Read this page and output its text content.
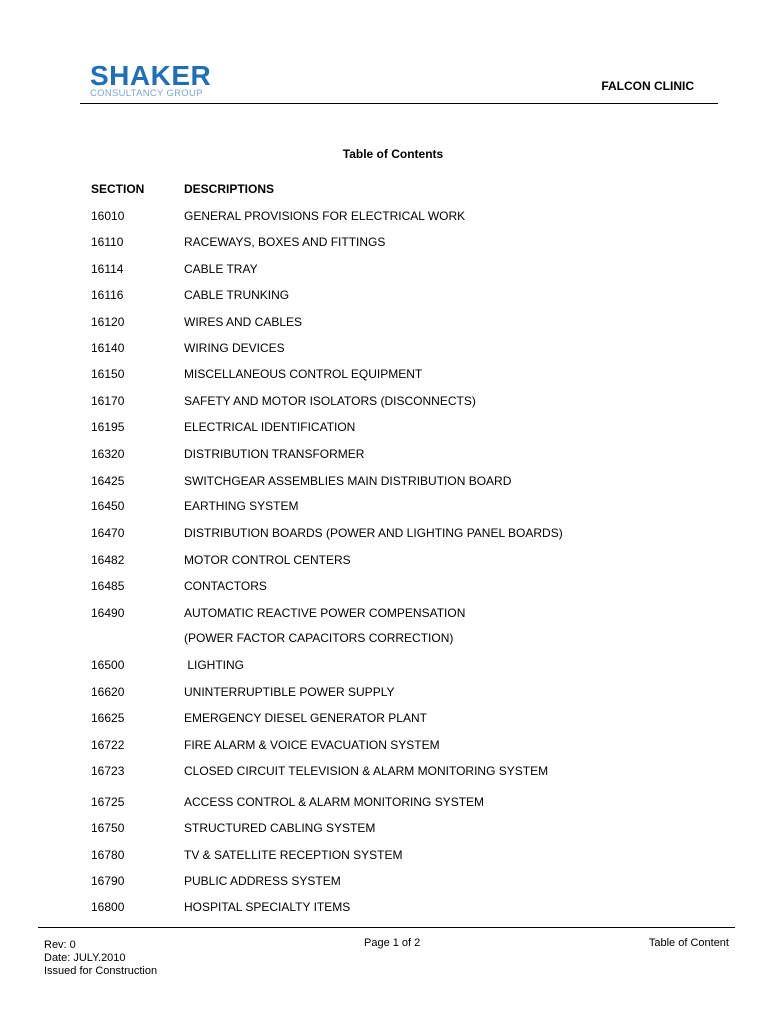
SHAKER
CONSULTANCY GROUP
FALCON CLINIC
Table of Contents
SECTION	DESCRIPTIONS
16010	GENERAL PROVISIONS FOR ELECTRICAL WORK
16110	RACEWAYS, BOXES AND FITTINGS
16114	CABLE TRAY
16116	CABLE TRUNKING
16120	WIRES AND CABLES
16140	WIRING DEVICES
16150	MISCELLANEOUS CONTROL EQUIPMENT
16170	SAFETY AND MOTOR ISOLATORS (DISCONNECTS)
16195	ELECTRICAL IDENTIFICATION
16320	DISTRIBUTION TRANSFORMER
16425	SWITCHGEAR ASSEMBLIES MAIN DISTRIBUTION BOARD
16450	EARTHING SYSTEM
16470	DISTRIBUTION BOARDS (POWER AND LIGHTING PANEL BOARDS)
16482	MOTOR CONTROL CENTERS
16485	CONTACTORS
16490	AUTOMATIC REACTIVE POWER COMPENSATION
(POWER FACTOR CAPACITORS CORRECTION)
16500	LIGHTING
16620	UNINTERRUPTIBLE POWER SUPPLY
16625	EMERGENCY DIESEL GENERATOR PLANT
16722	FIRE ALARM & VOICE EVACUATION SYSTEM
16723	CLOSED CIRCUIT TELEVISION & ALARM MONITORING SYSTEM
16725	ACCESS CONTROL & ALARM MONITORING SYSTEM
16750	STRUCTURED CABLING SYSTEM
16780	TV & SATELLITE RECEPTION SYSTEM
16790	PUBLIC ADDRESS SYSTEM
16800	HOSPITAL SPECIALTY ITEMS
Rev: 0
Date: JULY.2010
Issued for Construction
Page 1 of 2	Table of Content
